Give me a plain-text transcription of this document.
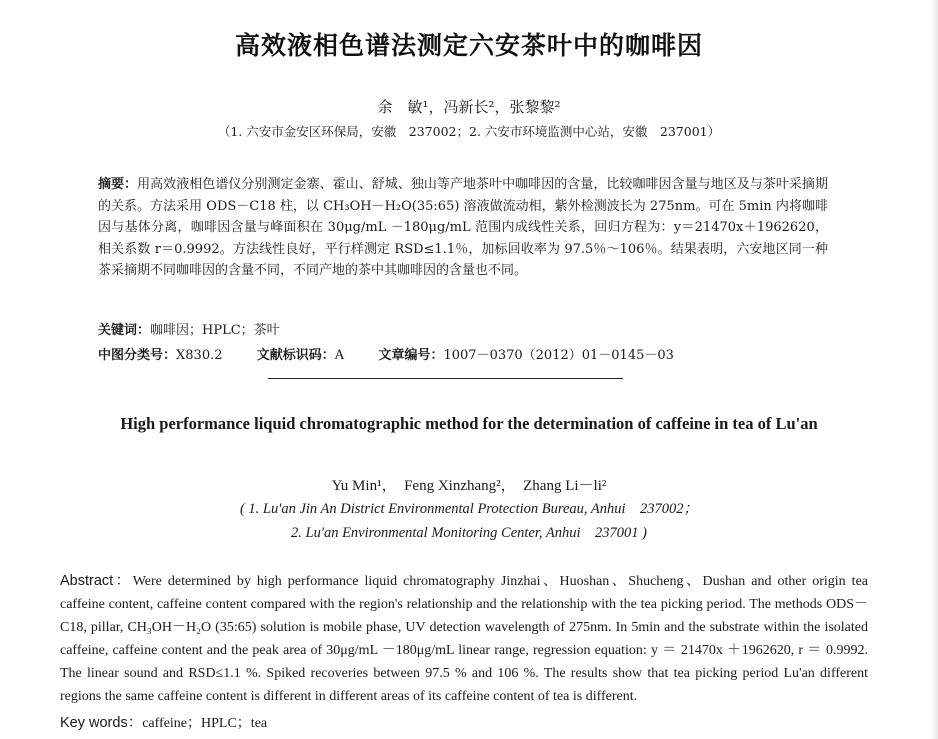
高效液相色谱法测定六安茶叶中的咖啡因
余　敏¹，冯新长²，张黎黎²
（1. 六安市金安区环保局，安徽　237002；2. 六安市环境监测中心站，安徽　237001）
摘要：用高效液相色谱仪分别测定金寨、霍山、舒城、独山等产地茶叶中咖啡因的含量，比较咖啡因含量与地区及与茶叶采摘期的关系。方法采用 ODS－C18 柱，以 CH₃OH－H₂O(35:65) 溶液做流动相，紫外检测波长为 275nm。可在 5min 内将咖啡因与基体分离，咖啡因含量与峰面积在 30μg/mL －180μg/mL 范围内成线性关系，回归方程为：y＝21470x＋1962620，相关系数 r＝0.9992。方法线性良好，平行样测定 RSD≤1.1％，加标回收率为 97.5％～106％。结果表明，六安地区同一种茶采摘期不同咖啡因的含量不同，不同产地的茶中其咖啡因的含量也不同。
关键词：咖啡因；HPLC；茶叶
中图分类号：X830.2	文献标识码：A	文章编号：1007－0370（2012）01－0145－03
High performance liquid chromatographic method for the determination of caffeine in tea of Lu'an
Yu Min¹，　Feng Xinzhang²，　Zhang Li－li²
( 1. Lu'an Jin An District Environmental Protection Bureau, Anhui　237002；
2. Lu'an Environmental Monitoring Center, Anhui　237001 )
Abstract：Were determined by high performance liquid chromatography Jinzhai、Huoshan、Shucheng、Dushan and other origin tea caffeine content, caffeine content compared with the region's relationship and the relationship with the tea picking period. The methods ODS－C18, pillar, CH₃OH－H₂O (35:65) solution is mobile phase, UV detection wavelength of 275nm. In 5min and the substrate within the isolated caffeine, caffeine content and the peak area of 30μg/mL －180μg/mL linear range, regression equation: y ＝ 21470x ＋1962620, r ＝ 0.9992. The linear sound and RSD≤1.1 %. Spiked recoveries between 97.5 % and 106 %. The results show that tea picking period Lu'an different regions the same caffeine content is different in different areas of its caffeine content of tea is different.
Key words：caffeine；HPLC；tea
